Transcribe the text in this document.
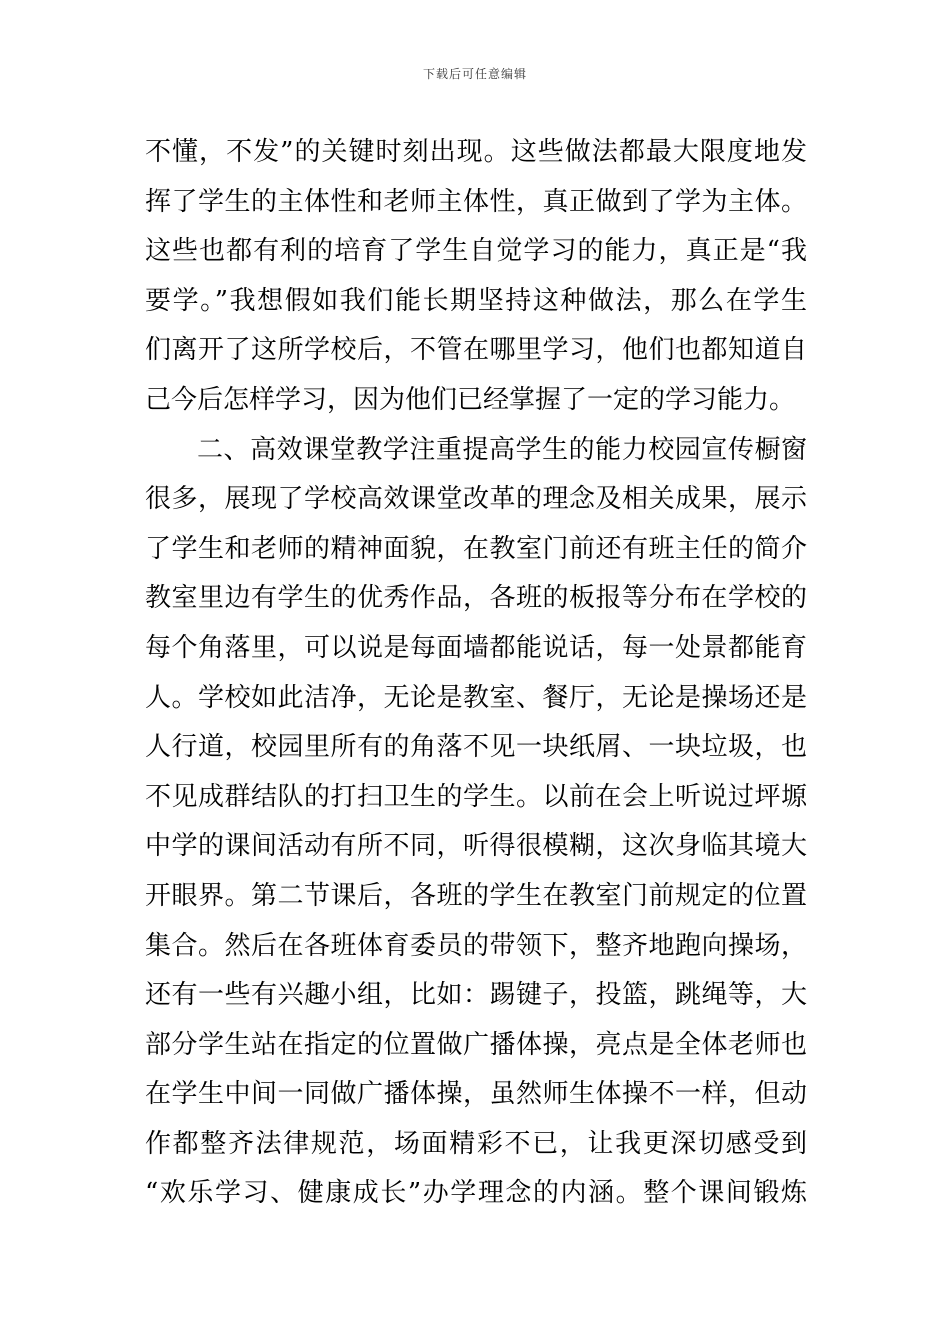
下载后可任意编辑
不懂，不发”的关键时刻出现。这些做法都最大限度地发
挥了学生的主体性和老师主体性，真正做到了学为主体。
这些也都有利的培育了学生自觉学习的能力，真正是“我
要学。”我想假如我们能长期坚持这种做法，那么在学生
们离开了这所学校后，不管在哪里学习，他们也都知道自
己今后怎样学习，因为他们已经掌握了一定的学习能力。
二、高效课堂教学注重提高学生的能力校园宣传橱窗
很多，展现了学校高效课堂改革的理念及相关成果，展示
了学生和老师的精神面貌，在教室门前还有班主任的简介
教室里边有学生的优秀作品，各班的板报等分布在学校的
每个角落里，可以说是每面墙都能说话，每一处景都能育
人。学校如此洁净，无论是教室、餐厅，无论是操场还是
人行道，校园里所有的角落不见一块纸屑、一块垃圾，也
不见成群结队的打扫卫生的学生。以前在会上听说过坪塬
中学的课间活动有所不同，听得很模糊，这次身临其境大
开眼界。第二节课后，各班的学生在教室门前规定的位置
集合。然后在各班体育委员的带领下，整齐地跑向操场，
还有一些有兴趣小组，比如：踢键子，投篮，跳绳等，大
部分学生站在指定的位置做广播体操，亮点是全体老师也
在学生中间一同做广播体操，虽然师生体操不一样，但动
作都整齐法律规范，场面精彩不已，让我更深切感受到
“欢乐学习、健康成长”办学理念的内涵。整个课间锻炼
